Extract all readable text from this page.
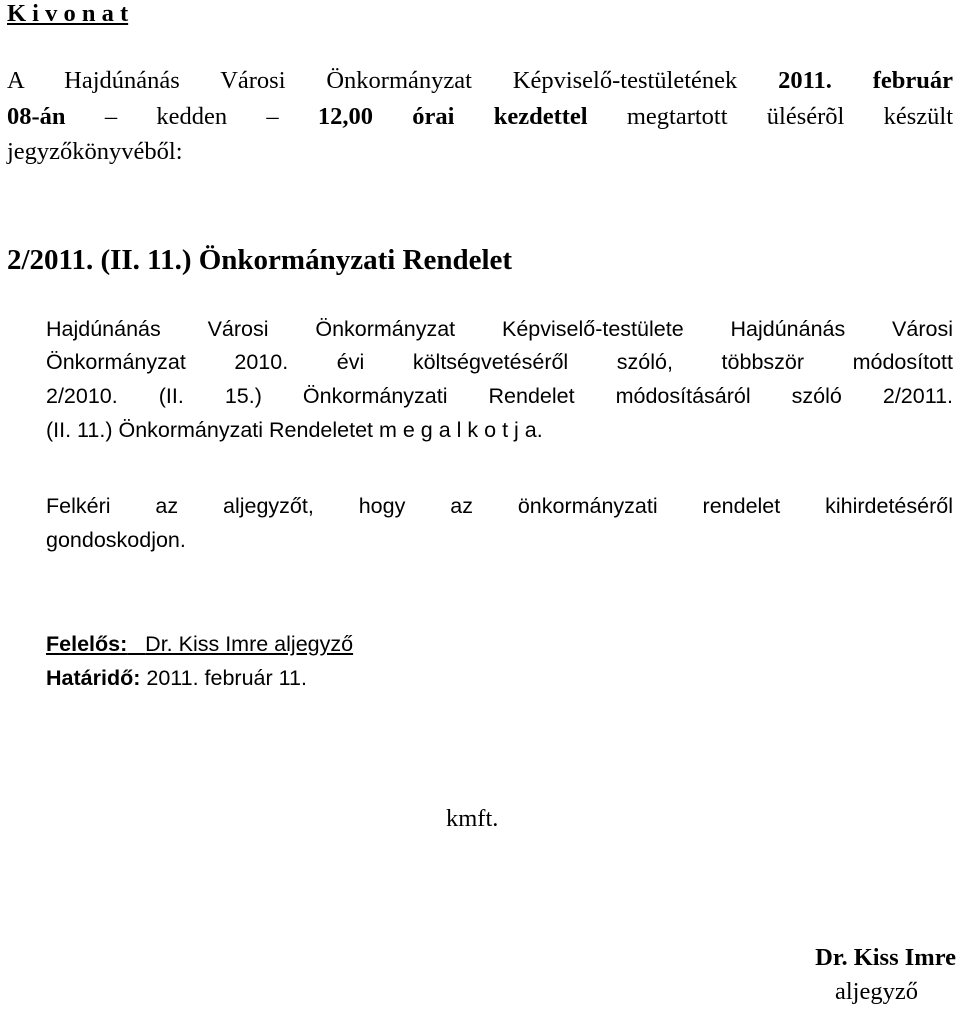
K i v o n a t
A Hajdúnánás Városi Önkormányzat Képviselő-testületének 2011. február
08-án – kedden – 12,00 órai kezdettel megtartott ülésérõl készült
jegyzőkönyvéből:
2/2011. (II. 11.) Önkormányzati Rendelet
Hajdúnánás Városi Önkormányzat Képviselő-testülete Hajdúnánás Városi
Önkormányzat 2010. évi költségvetéséről szóló, többször módosított
2/2010. (II. 15.) Önkormányzati Rendelet módosításáról szóló 2/2011.
(II. 11.) Önkormányzati Rendeletet m e g a l k o t j a.
Felkéri az aljegyzőt, hogy az önkormányzati rendelet kihirdetéséről
gondoskodjon.
Felelős: Dr. Kiss Imre aljegyző
Határidő: 2011. február 11.
kmft.
Dr. Kiss Imre
aljegyző
